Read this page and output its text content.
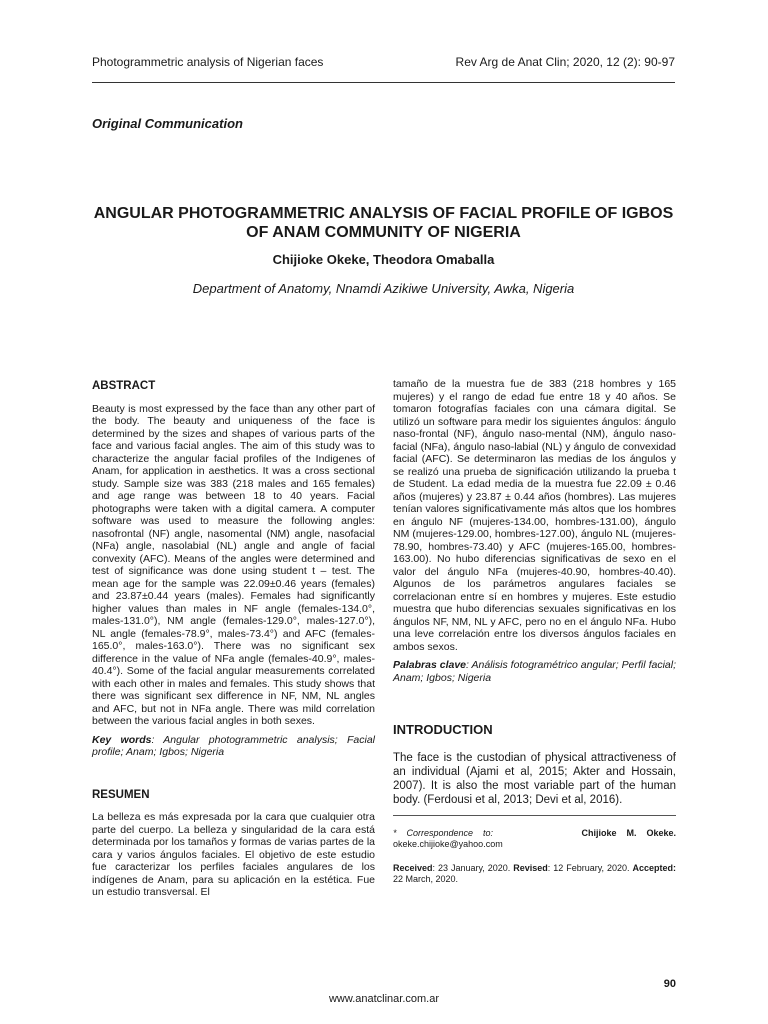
Photogrammetric analysis of Nigerian faces	Rev Arg de Anat Clin; 2020, 12 (2): 90-97
Original Communication
ANGULAR PHOTOGRAMMETRIC ANALYSIS OF FACIAL PROFILE OF IGBOS OF ANAM COMMUNITY OF NIGERIA
Chijioke Okeke, Theodora Omaballa
Department of Anatomy, Nnamdi Azikiwe University, Awka, Nigeria
ABSTRACT

Beauty is most expressed by the face than any other part of the body. The beauty and uniqueness of the face is determined by the sizes and shapes of various parts of the face and various facial angles. The aim of this study was to characterize the angular facial profiles of the Indigenes of Anam, for application in aesthetics. It was a cross sectional study. Sample size was 383 (218 males and 165 females) and age range was between 18 to 40 years. Facial photographs were taken with a digital camera. A computer software was used to measure the following angles: nasofrontal (NF) angle, nasomental (NM) angle, nasofacial (NFa) angle, nasolabial (NL) angle and angle of facial convexity (AFC). Means of the angles were determined and test of significance was done using student t – test. The mean age for the sample was 22.09±0.46 years (females) and 23.87±0.44 years (males). Females had significantly higher values than males in NF angle (females-134.0°, males-131.0°), NM angle (females-129.0°, males-127.0°), NL angle (females-78.9°, males-73.4°) and AFC (females-165.0°, males-163.0°). There was no significant sex difference in the value of NFa angle (females-40.9°, males-40.4°). Some of the facial angular measurements correlated with each other in males and females. This study shows that there was significant sex difference in NF, NM, NL angles and AFC, but not in NFa angle. There was mild correlation between the various facial angles in both sexes.

Key words: Angular photogrammetric analysis; Facial profile; Anam; Igbos; Nigeria

RESUMEN

La belleza es más expresada por la cara que cualquier otra parte del cuerpo. La belleza y singularidad de la cara está determinada por los tamaños y formas de varias partes de la cara y varios ángulos faciales. El objetivo de este estudio fue caracterizar los perfiles faciales angulares de los indígenes de Anam, para su aplicación en la estética. Fue un estudio transversal. El

tamaño de la muestra fue de 383 (218 hombres y 165 mujeres) y el rango de edad fue entre 18 y 40 años. Se tomaron fotografías faciales con una cámara digital. Se utilizó un software para medir los siguientes ángulos: ángulo naso-frontal (NF), ángulo naso-mental (NM), ángulo naso-facial (NFa), ángulo naso-labial (NL) y ángulo de convexidad facial (AFC). Se determinaron las medias de los ángulos y se realizó una prueba de significación utilizando la prueba t de Student. La edad media de la muestra fue 22.09 ± 0.46 años (mujeres) y 23.87 ± 0.44 años (hombres). Las mujeres tenían valores significativamente más altos que los hombres en ángulo NF (mujeres-134.00, hombres-131.00), ángulo NM (mujeres-129.00, hombres-127.00), ángulo NL (mujeres-78.90, hombres-73.40) y AFC (mujeres-165.00, hombres-163.00). No hubo diferencias significativas de sexo en el valor del ángulo NFa (mujeres-40.90, hombres-40.40). Algunos de los parámetros angulares faciales se correlacionan entre sí en hombres y mujeres. Este estudio muestra que hubo diferencias sexuales significativas en los ángulos NF, NM, NL y AFC, pero no en el ángulo NFa. Hubo una leve correlación entre los diversos ángulos faciales en ambos sexos.

Palabras clave: Análisis fotogramétrico angular; Perfil facial; Anam; Igbos; Nigeria

INTRODUCTION

The face is the custodian of physical attractiveness of an individual (Ajami et al, 2015; Akter and Hossain, 2007). It is also the most variable part of the human body. (Ferdousi et al, 2013; Devi et al, 2016).

*    Correspondence    to:	Chijioke    M.    Okeke.
okeke.chijioke@yahoo.com
Received: 23 January, 2020. Revised: 12 February, 2020. Accepted: 22 March, 2020.
90
www.anatclinar.com.ar
